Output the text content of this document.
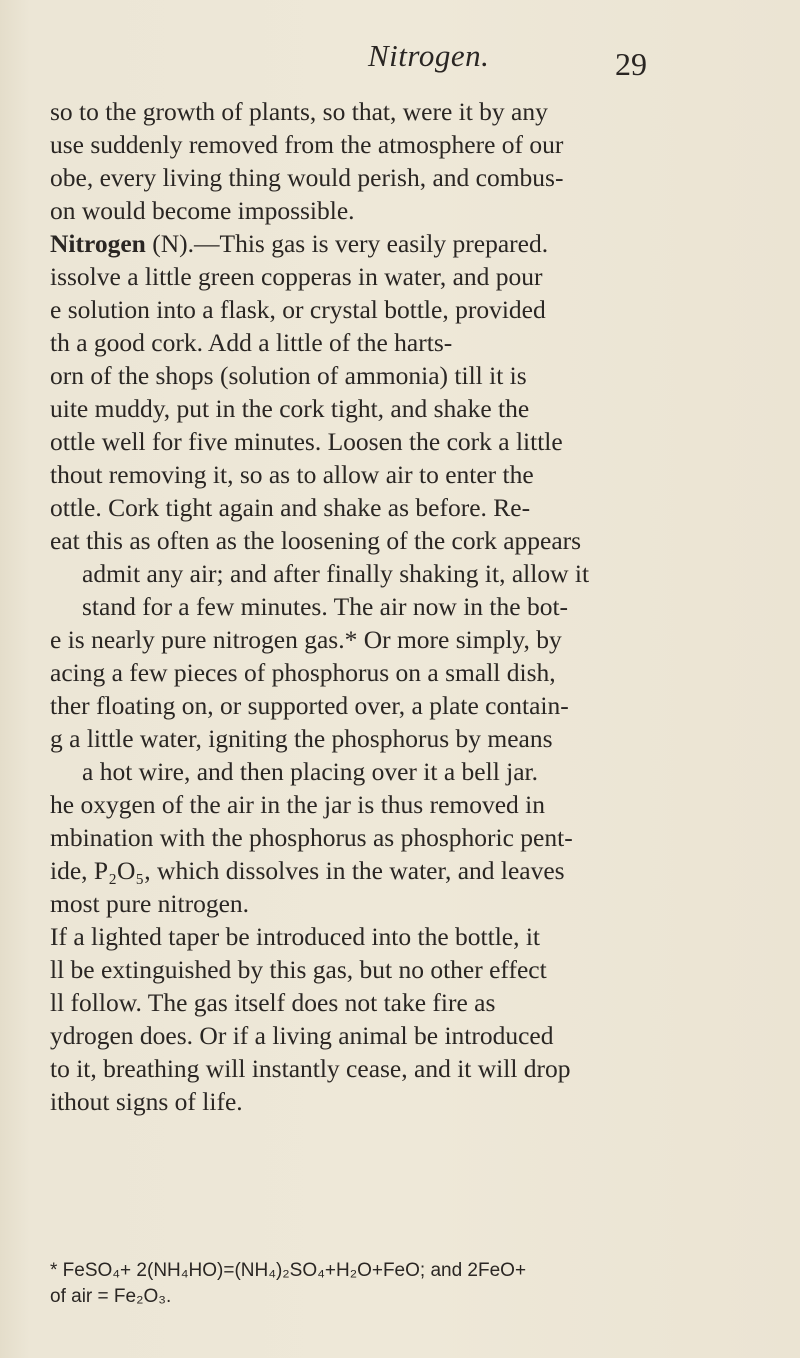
Nitrogen.	29
so to the growth of plants, so that, were it by any
use suddenly removed from the atmosphere of our
obe, every living thing would perish, and combus-
on would become impossible.
Nitrogen (N).—This gas is very easily prepared.
issolve a little green copperas in water, and pour
e solution into a flask, or crystal bottle, provided
th a good cork. Add a little of the harts-
orn of the shops (solution of ammonia) till it is
uite muddy, put in the cork tight, and shake the
ottle well for five minutes. Loosen the cork a little
thout removing it, so as to allow air to enter the
ottle. Cork tight again and shake as before. Re-
eat this as often as the loosening of the cork appears
admit any air; and after finally shaking it, allow it
stand for a few minutes. The air now in the bot-
e is nearly pure nitrogen gas.* Or more simply, by
acing a few pieces of phosphorus on a small dish,
ther floating on, or supported over, a plate contain-
g a little water, igniting the phosphorus by means
a hot wire, and then placing over it a bell jar.
he oxygen of the air in the jar is thus removed in
mbination with the phosphorus as phosphoric pent-
ide, P₂O₅, which dissolves in the water, and leaves
most pure nitrogen.
If a lighted taper be introduced into the bottle, it
ll be extinguished by this gas, but no other effect
ll follow. The gas itself does not take fire as
ydrogen does. Or if a living animal be introduced
to it, breathing will instantly cease, and it will drop
ithout signs of life.
* FeSO₄+ 2(NH₄HO)=(NH₄)₂SO₄+H₂O+FeO; and 2FeO+
of air = Fe₂O₃.
